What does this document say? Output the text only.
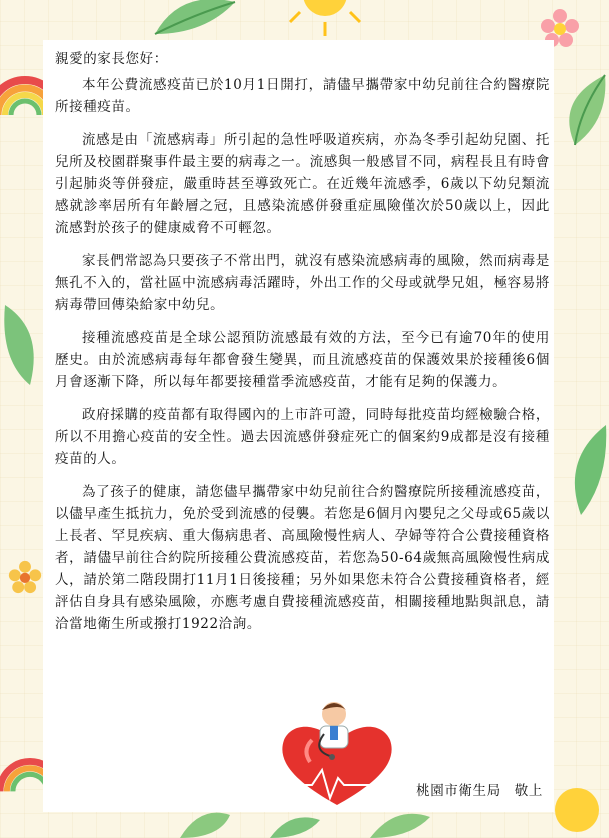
親愛的家長您好：

本年公費流感疫苗已於10月1日開打，請儘早攜帶家中幼兒前往合約醫療院所接種疫苗。

流感是由「流感病毒」所引起的急性呼吸道疾病，亦為冬季引起幼兒園、托兒所及校園群聚事件最主要的病毒之一。流感與一般感冒不同，病程長且有時會引起肺炎等併發症，嚴重時甚至導致死亡。在近幾年流感季，6歲以下幼兒類流感就診率居所有年齡層之冠，且感染流感併發重症風險僅次於50歲以上，因此流感對於孩子的健康威脅不可輕忽。

家長們常認為只要孩子不常出門，就沒有感染流感病毒的風險，然而病毒是無孔不入的，當社區中流感病毒活躍時，外出工作的父母或就學兄姐，極容易將病毒帶回傳染給家中幼兒。

接種流感疫苗是全球公認預防流感最有效的方法，至今已有逾70年的使用歷史。由於流感病毒每年都會發生變異，而且流感疫苗的保護效果於接種後6個月會逐漸下降，所以每年都要接種當季流感疫苗，才能有足夠的保護力。

政府採購的疫苗都有取得國內的上市許可證，同時每批疫苗均經檢驗合格，所以不用擔心疫苗的安全性。過去因流感併發症死亡的個案約9成都是沒有接種疫苗的人。

為了孩子的健康，請您儘早攜帶家中幼兒前往合約醫療院所接種流感疫苗，以儘早產生抵抗力，免於受到流感的侵襲。若您是6個月內嬰兒之父母或65歲以上長者、罕見疾病、重大傷病患者、高風險慢性病人、孕婦等符合公費接種資格者，請儘早前往合約院所接種公費流感疫苗，若您為50-64歲無高風險慢性病成人，請於第二階段開打11月1日後接種；另外如果您未符合公費接種資格者，經評估自身具有感染風險，亦應考慮自費接種流感疫苗，相關接種地點與訊息，請洽當地衛生所或撥打1922洽詢。

桃園市衛生局　敬上
